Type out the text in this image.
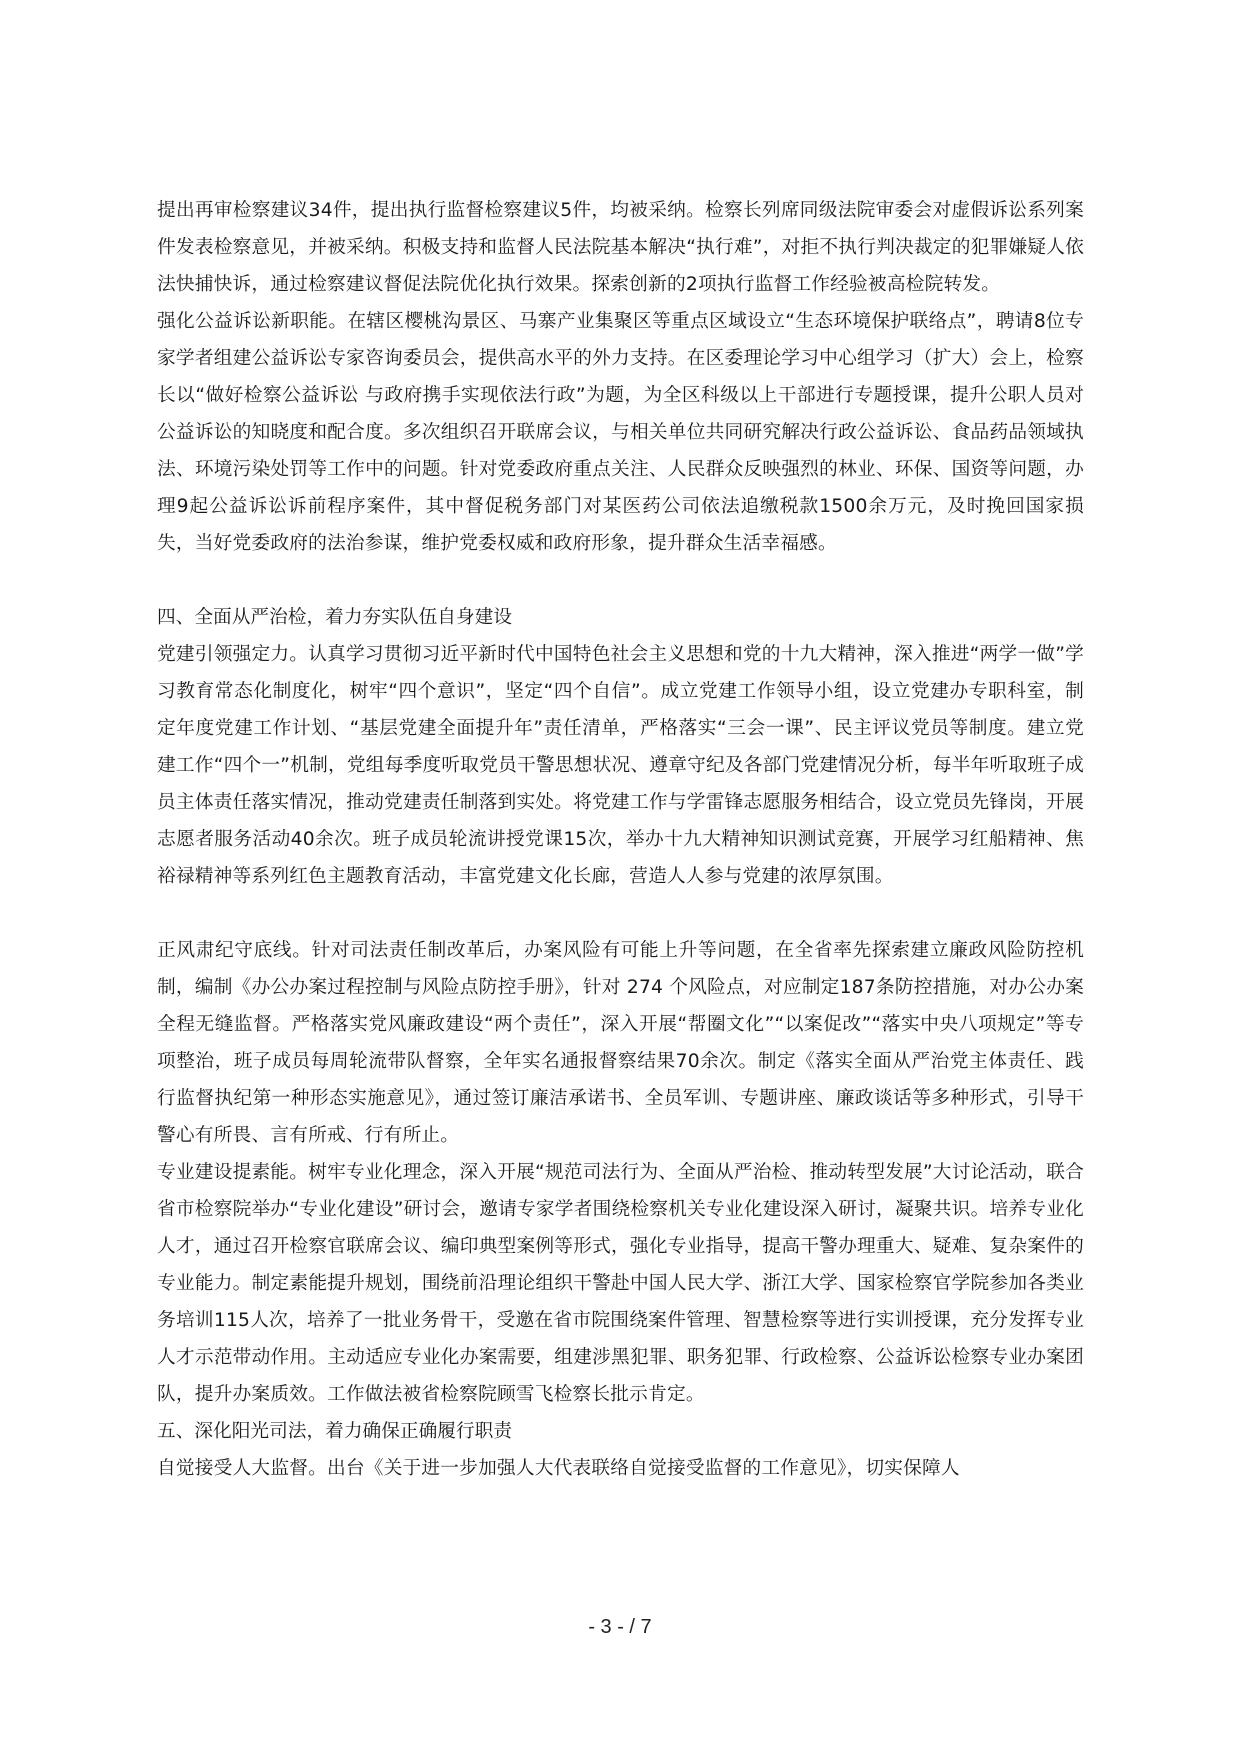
提出再审检察建议34件，提出执行监督检察建议5件，均被采纳。检察长列席同级法院审委会对虚假诉讼系列案件发表检察意见，并被采纳。积极支持和监督人民法院基本解决“执行难”，对拒不执行判决裁定的犯罪嫌疑人依法快捕快诉，通过检察建议督促法院优化执行效果。探索创新的2项执行监督工作经验被高检院转发。

强化公益诉讼新职能。在辖区樱桃沟景区、马寨产业集聚区等重点区域设立“生态环境保护联络点”，聘请8位专家学者组建公益诉讼专家咨询委员会，提供高水平的外力支持。在区委理论学习中心组学习（扩大）会上，检察长以“做好检察公益诉讼 与政府携手实现依法行政”为题，为全区科级以上干部进行专题授课，提升公职人员对公益诉讼的知晓度和配合度。多次组织召开联席会议，与相关单位共同研究解决行政公益诉讼、食品药品领域执法、环境污染处罚等工作中的问题。针对党委政府重点关注、人民群众反映强烈的林业、环保、国资等问题，办理9起公益诉讼诉前程序案件，其中督促税务部门对某医药公司依法追缴税款1500余万元，及时挽回国家损失，当好党委政府的法治参谋，维护党委权威和政府形象，提升群众生活幸福感。

四、全面从严治检，着力夯实队伍自身建设

党建引领强定力。认真学习贯彻习近平新时代中国特色社会主义思想和党的十九大精神，深入推进“两学一做”学习教育常态化制度化，树牢“四个意识”，坚定“四个自信”。成立党建工作领导小组，设立党建办专职科室，制定年度党建工作计划、“基层党建全面提升年”责任清单，严格落实“三会一课”、民主评议党员等制度。建立党建工作“四个一”机制，党组每季度听取党员干警思想状况、遵章守纪及各部门党建情况分析，每半年听取班子成员主体责任落实情况，推动党建责任制落到实处。将党建工作与学雷锋志愿服务相结合，设立党员先锋岗，开展志愿者服务活动40余次。班子成员轮流讲授党课15次，举办十九大精神知识测试竞赛，开展学习红船精神、焦裕禄精神等系列红色主题教育活动，丰富党建文化长廊，营造人人参与党建的浓厚氛围。

正风肃纪守底线。针对司法责任制改革后，办案风险有可能上升等问题，在全省率先探索建立廉政风险防控机制，编制《办公办案过程控制与风险点防控手册》，针对 274 个风险点，对应制定187条防控措施，对办公办案全程无缝监督。严格落实党风廉政建设“两个责任”，深入开展“帮圈文化”“以案促改”“落实中央八项规定”等专项整治，班子成员每周轮流带队督察，全年实名通报督察结果70余次。制定《落实全面从严治党主体责任、践行监督执纪第一种形态实施意见》，通过签订廉洁承诺书、全员军训、专题讲座、廉政谈话等多种形式，引导干警心有所畏、言有所戒、行有所止。

专业建设提素能。树牢专业化理念，深入开展“规范司法行为、全面从严治检、推动转型发展”大讨论活动，联合省市检察院举办“专业化建设”研讨会，邀请专家学者围绕检察机关专业化建设深入研讨，凝聚共识。培养专业化人才，通过召开检察官联席会议、编印典型案例等形式，强化专业指导，提高干警办理重大、疑难、复杂案件的专业能力。制定素能提升规划，围绕前沿理论组织干警赴中国人民大学、浙江大学、国家检察官学院参加各类业务培训115人次，培养了一批业务骨干，受邀在省市院围绕案件管理、智慧检察等进行实训授课，充分发挥专业人才示范带动作用。主动适应专业化办案需要，组建涉黑犯罪、职务犯罪、行政检察、公益诉讼检察专业办案团队，提升办案质效。工作做法被省检察院顾雪飞检察长批示肯定。

五、深化阳光司法，着力确保正确履行职责

自觉接受人大监督。出台《关于进一步加强人大代表联络自觉接受监督的工作意见》，切实保障人

- 3 - / 7
